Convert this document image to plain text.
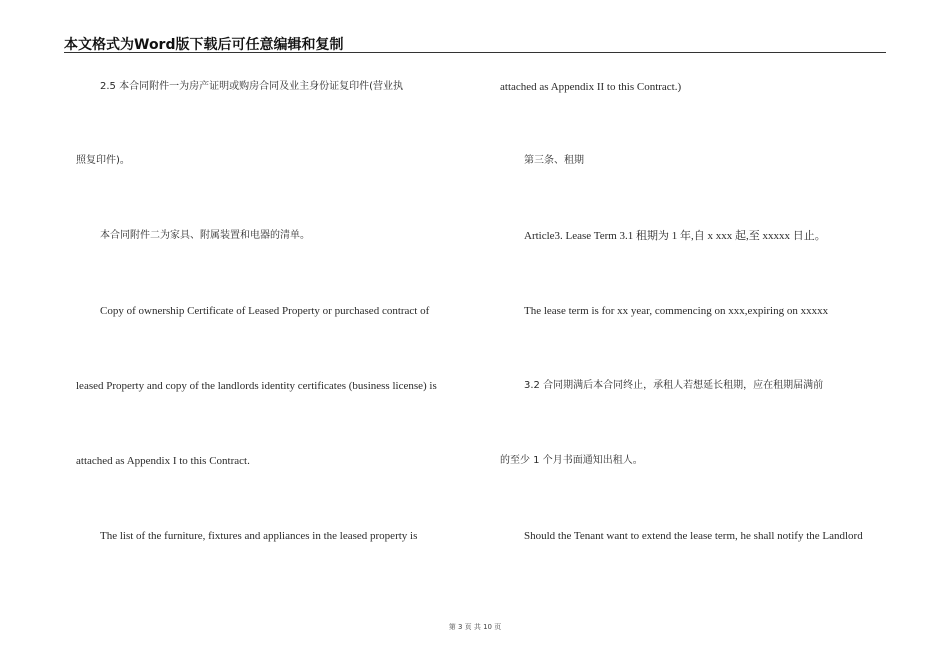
本文格式为Word版下载后可任意编辑和复制
2.5 本合同附件一为房产证明或购房合同及业主身份证复印件(营业执
照复印件)。
本合同附件二为家具、附属装置和电器的清单。
Copy of ownership Certificate of Leased Property or purchased contract of
leased Property and copy of the landlords identity certificates (business license) is
attached as Appendix I to this Contract.
The list of the furniture, fixtures and appliances in the leased property is
attached as Appendix II to this Contract.)
第三条、租期
Article3. Lease Term 3.1 租期为 1 年,自 x xxx 起,至 xxxxx 日止。
The lease term is for xx year, commencing on xxx,expiring on xxxxx
3.2 合同期满后本合同终止，承租人若想延长租期，应在租期届满前
的至少 1 个月书面通知出租人。
Should the Tenant want to extend the lease term, he shall notify the Landlord
第 3 页 共 10 页
